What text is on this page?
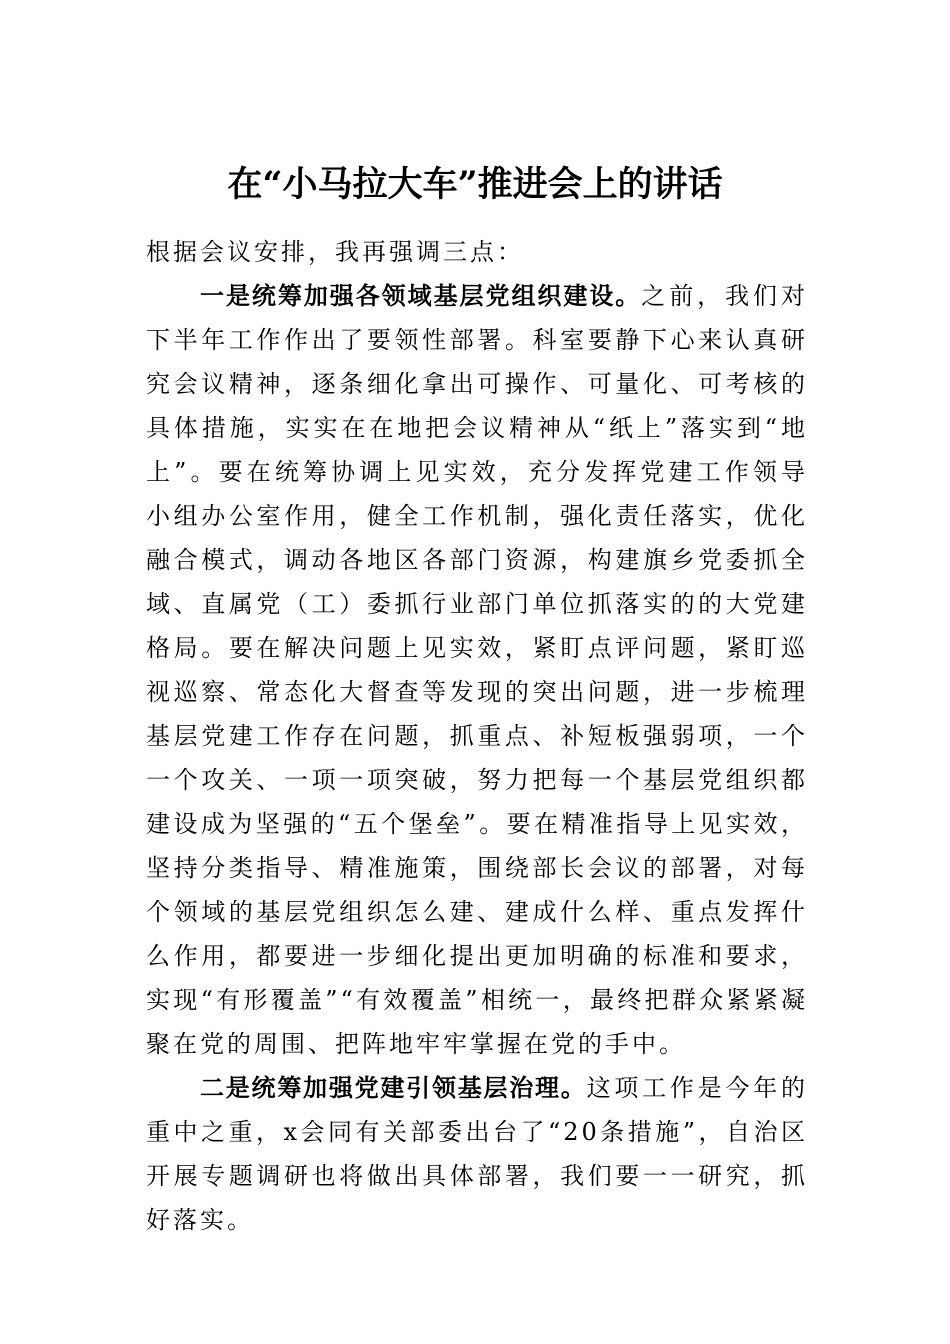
在“小马拉大车”推进会上的讲话

根据会议安排，我再强调三点：

一是统筹加强各领域基层党组织建设。之前，我们对下半年工作作出了要领性部署。科室要静下心来认真研究会议精神，逐条细化拿出可操作、可量化、可考核的具体措施，实实在在地把会议精神从“纸上”落实到“地上”。要在统筹协调上见实效，充分发挥党建工作领导小组办公室作用，健全工作机制，强化责任落实，优化融合模式，调动各地区各部门资源，构建旗乡党委抓全域、直属党（工）委抓行业部门单位抓落实的的大党建格局。要在解决问题上见实效，紧盯点评问题，紧盯巡视巡察、常态化大督查等发现的突出问题，进一步梳理基层党建工作存在问题，抓重点、补短板强弱项，一个一个攻关、一项一项突破，努力把每一个基层党组织都建设成为坚强的“五个堡垒”。要在精准指导上见实效，坚持分类指导、精准施策，围绕部长会议的部署，对每个领域的基层党组织怎么建、建成什么样、重点发挥什么作用，都要进一步细化提出更加明确的标准和要求，实现“有形覆盖”“有效覆盖”相统一，最终把群众紧紧凝聚在党的周围、把阵地牢牢掌握在党的手中。

二是统筹加强党建引领基层治理。这项工作是今年的重中之重，x会同有关部委出台了“20条措施”，自治区开展专题调研也将做出具体部署，我们要一一研究，抓好落实。
